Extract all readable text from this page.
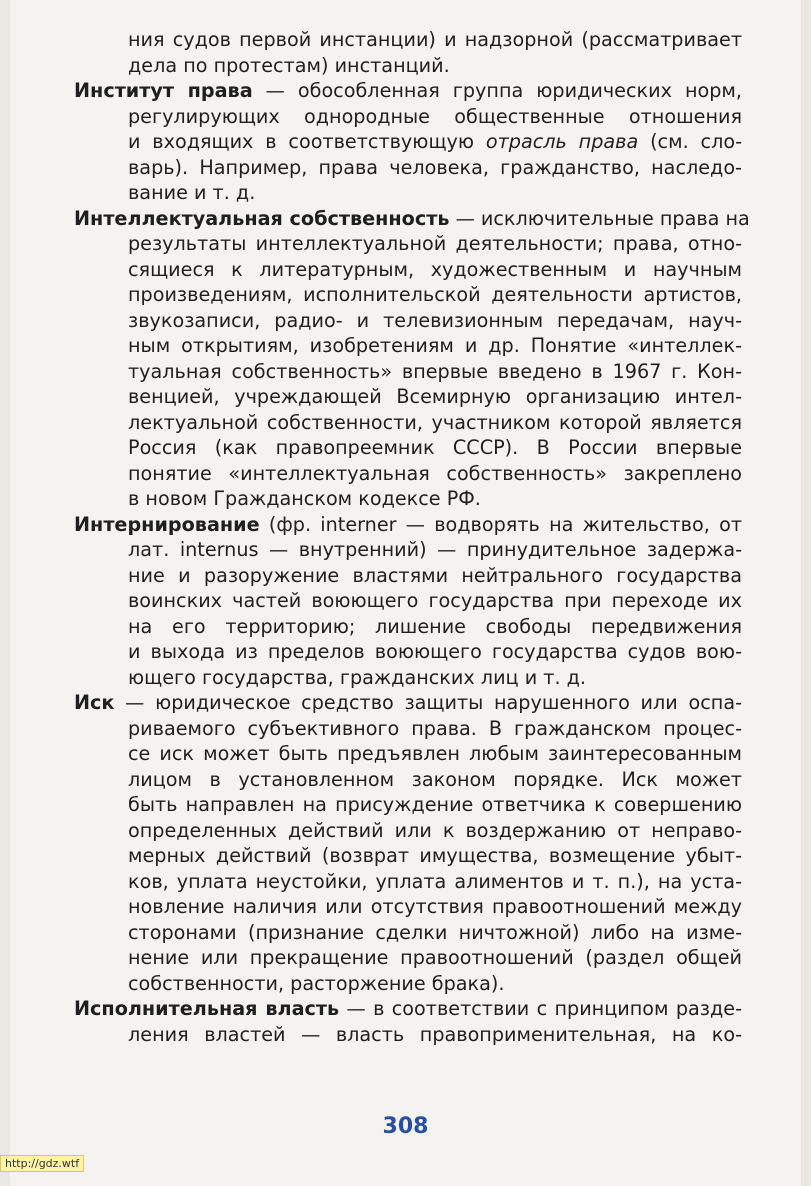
ния судов первой инстанции) и надзорной (рассматривает
дела по протестам) инстанций.
Институт права — обособленная группа юридических норм,
регулирующих однородные общественные отношения
и входящих в соответствующую отрасль права (см. сло-
варь). Например, права человека, гражданство, наследо-
вание и т. д.
Интеллектуальная собственность — исключительные права на
результаты интеллектуальной деятельности; права, отно-
сящиеся к литературным, художественным и научным
произведениям, исполнительской деятельности артистов,
звукозаписи, радио- и телевизионным передачам, науч-
ным открытиям, изобретениям и др. Понятие «интеллек-
туальная собственность» впервые введено в 1967 г. Кон-
венцией, учреждающей Всемирную организацию интел-
лектуальной собственности, участником которой является
Россия (как правопреемник СССР). В России впервые
понятие «интеллектуальная собственность» закреплено
в новом Гражданском кодексе РФ.
Интернирование (фр. interner — водворять на жительство, от
лат. internus — внутренний) — принудительное задержа-
ние и разоружение властями нейтрального государства
воинских частей воюющего государства при переходе их
на его территорию; лишение свободы передвижения
и выхода из пределов воюющего государства судов вою-
ющего государства, гражданских лиц и т. д.
Иск — юридическое средство защиты нарушенного или оспа-
риваемого субъективного права. В гражданском процес-
се иск может быть предъявлен любым заинтересованным
лицом в установленном законом порядке. Иск может
быть направлен на присуждение ответчика к совершению
определенных действий или к воздержанию от неправо-
мерных действий (возврат имущества, возмещение убыт-
ков, уплата неустойки, уплата алиментов и т. п.), на уста-
новление наличия или отсутствия правоотношений между
сторонами (признание сделки ничтожной) либо на изме-
нение или прекращение правоотношений (раздел общей
собственности, расторжение брака).
Исполнительная власть — в соответствии с принципом разде-
ления властей — власть правоприменительная, на ко-
308
http://gdz.wtf
